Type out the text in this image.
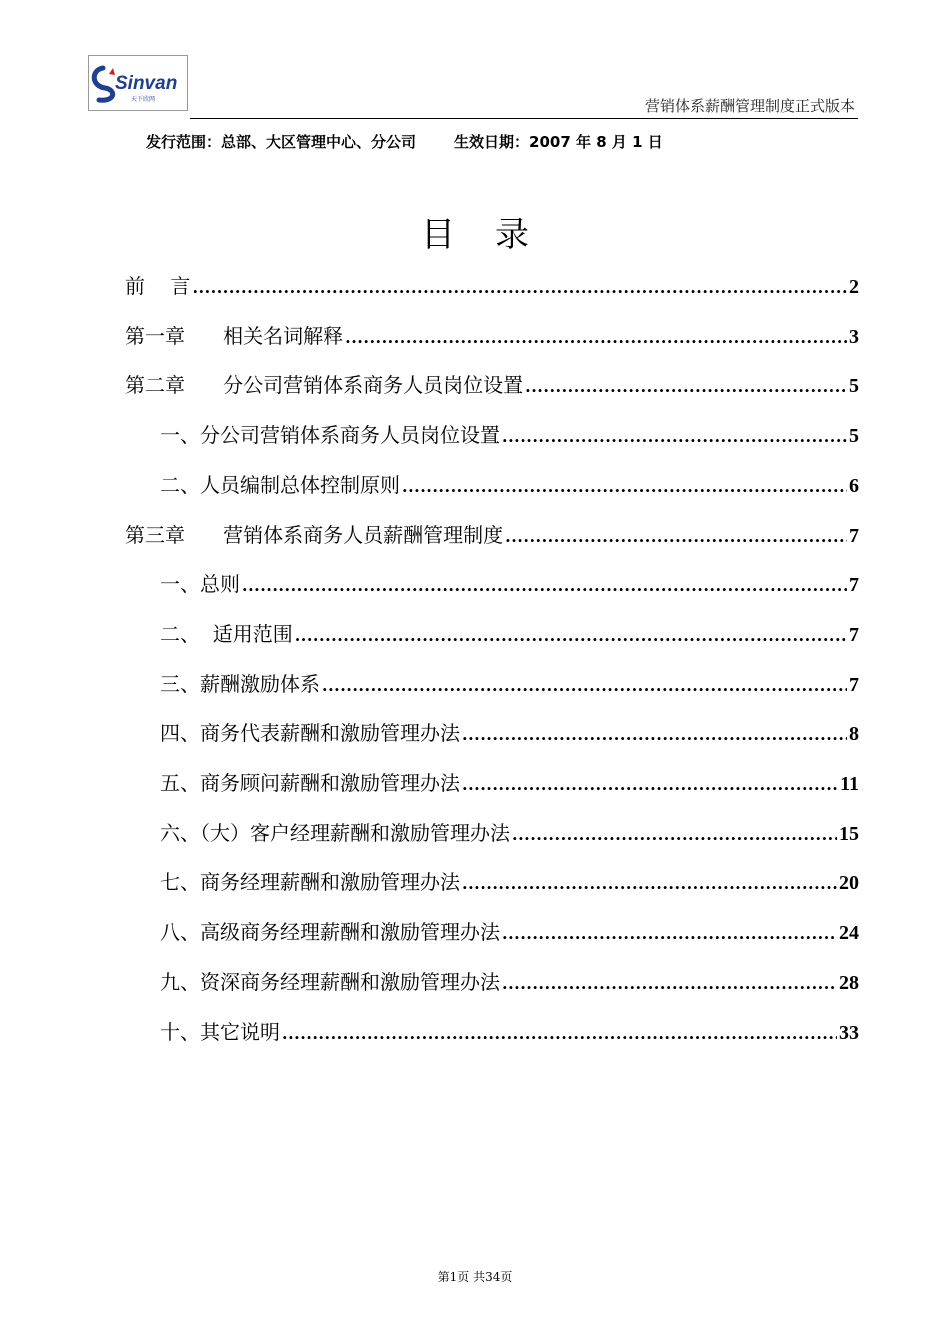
Sinvan
天下欣网	营销体系薪酬管理制度正式版本
发行范围：总部、大区管理中心、分公司	生效日期：2007 年 8 月 1 日
目录
前    言 .....	2
第一章      相关名词解释 .....	3
第二章      分公司营销体系商务人员岗位设置 .....	5
一、分公司营销体系商务人员岗位设置 .....	5
二、人员编制总体控制原则 .....	6
第三章      营销体系商务人员薪酬管理制度 .....	7
一、总则 .....	7
二、  适用范围 .....	7
三、薪酬激励体系 .....	7
四、商务代表薪酬和激励管理办法 .....	8
五、商务顾问薪酬和激励管理办法 .....	11
六、（大）客户经理薪酬和激励管理办法 .....	15
七、商务经理薪酬和激励管理办法 .....	20
八、高级商务经理薪酬和激励管理办法 .....	24
九、资深商务经理薪酬和激励管理办法 .....	28
十、其它说明 .....	33
第1页 共34页
